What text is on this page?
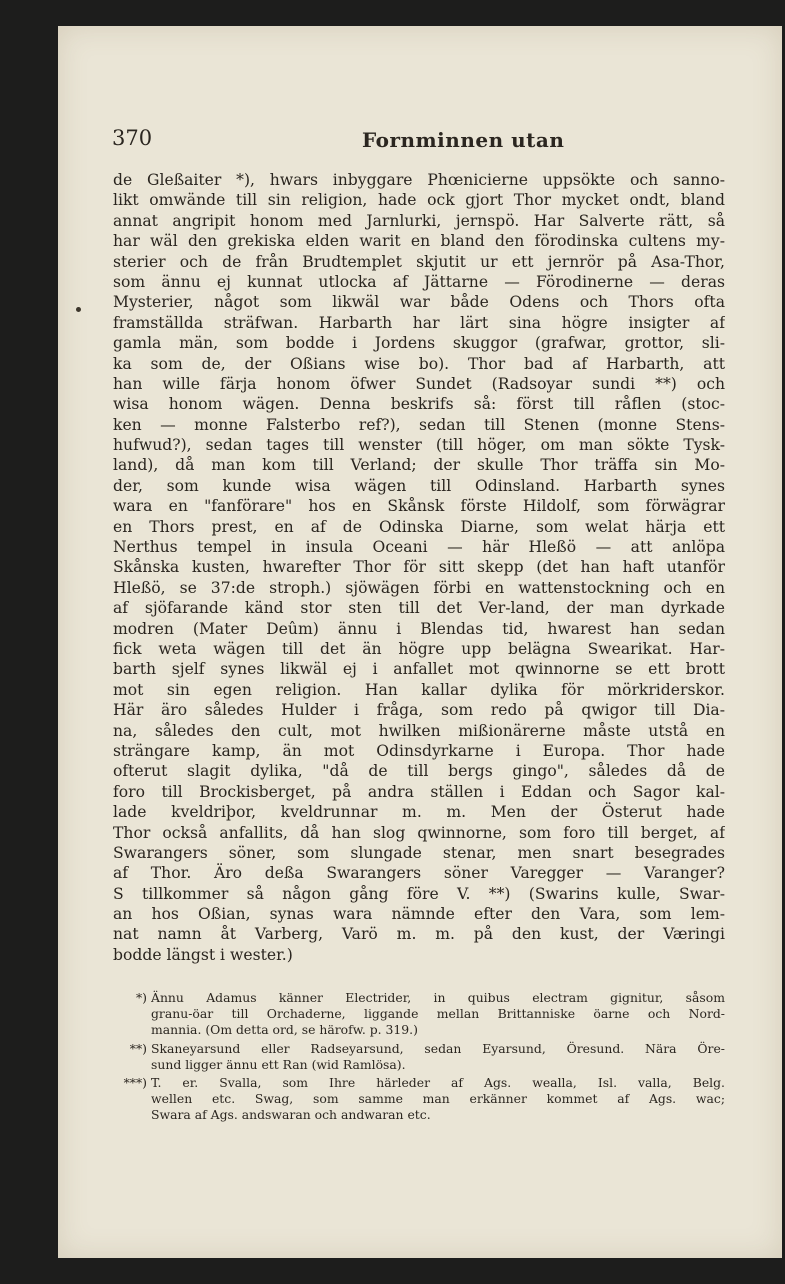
370	Fornminnen utan
de Gleßaiter *), hwars inbyggare Phœnicierne uppsökte och sanno-
likt omwände till sin religion, hade ock gjort Thor mycket ondt, bland
annat angripit honom med Jarnlurki, jernspö. Har Salverte rätt, så
har wäl den grekiska elden warit en bland den förodinska cultens my-
sterier och de från Brudtemplet skjutit ur ett jernrör på Asa-Thor,
som ännu ej kunnat utlocka af Jättarne — Förodinerne — deras
Mysterier, något som likwäl war både Odens och Thors ofta
framställda sträfwan. Harbarth har lärt sina högre insigter af
gamla män, som bodde i Jordens skuggor (grafwar, grottor, sli-
ka som de, der Oßians wise bo). Thor bad af Harbarth, att
han wille färja honom öfwer Sundet (Radsoyar sundi **) och
wisa honom wägen. Denna beskrifs så: först till råflen (stoc-
ken — monne Falsterbo ref?), sedan till Stenen (monne Stens-
hufwud?), sedan tages till wenster (till höger, om man sökte Tysk-
land), då man kom till Verland; der skulle Thor träffa sin Mo-
der, som kunde wisa wägen till Odinsland. Harbarth synes
wara en "fanförare" hos en Skånsk förste Hildolf, som förwägrar
en Thors prest, en af de Odinska Diarne, som welat härja ett
Nerthus tempel in insula Oceani — här Hleßö — att anlöpa
Skånska kusten, hwarefter Thor för sitt skepp (det han haft utanför
Hleßö, se 37:de stroph.) sjöwägen förbi en wattenstockning och en
af sjöfarande känd stor sten till det Ver-land, der man dyrkade
modren (Mater Deûm) ännu i Blendas tid, hwarest han sedan
fick weta wägen till det än högre upp belägna Swearikat. Har-
barth sjelf synes likwäl ej i anfallet mot qwinnorne se ett brott
mot sin egen religion. Han kallar dylika för mörkriderskor.
Här äro således Hulder i fråga, som redo på qwigor till Dia-
na, således den cult, mot hwilken mißionärerne måste utstå en
strängare kamp, än mot Odinsdyrkarne i Europa. Thor hade
ofterut slagit dylika, "då de till bergs gingo", således då de
foro till Brockisberget, på andra ställen i Eddan och Sagor kal-
lade kveldriþor, kveldrunnar m. m. Men der Österut hade
Thor också anfallits, då han slog qwinnorne, som foro till berget, af
Swarangers söner, som slungade stenar, men snart besegrades
af Thor. Äro deßa Swarangers söner Varegger — Varanger?
S tillkommer så någon gång före V. **) (Swarins kulle, Swar-
an hos Oßian, synas wara nämnde efter den Vara, som lem-
nat namn åt Varberg, Varö m. m. på den kust, der Væringi
bodde längst i wester.)
*) Ännu Adamus känner Electrider, in quibus electram gignitur, såsom
granu-öar till Orchaderne, liggande mellan Brittanniske öarne och Nord-
mannia. (Om detta ord, se härofw. p. 319.)
**) Skaneyarsund eller Radseyarsund, sedan Eyarsund, Öresund. Nära Öre-
sund ligger ännu ett Ran (wid Ramlösa).
***) T. er. Svalla, som Ihre härleder af Ags. wealla, Isl. valla, Belg.
wellen etc. Swag, som samme man erkänner kommet af Ags. wac;
Swara af Ags. andswaran och andwaran etc.
